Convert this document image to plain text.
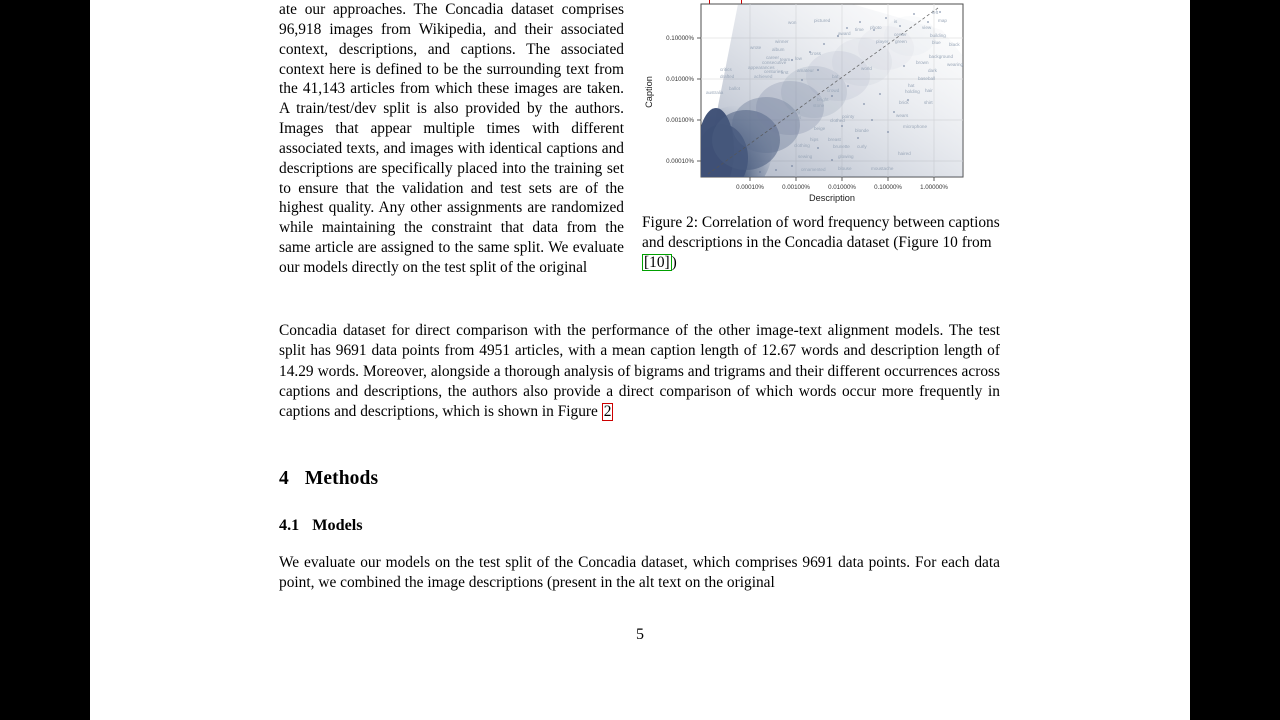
ate our approaches. The Concadia dataset comprises 96,918 images from Wikipedia, and their associated context, descriptions, and captions. The associated context here is defined to be the surrounding text from the 41,143 articles from which these images are taken. A train/test/dev split is also provided by the authors. Images that appear multiple times with different associated texts, and images with identical captions and descriptions are specifically placed into the training set to ensure that the validation and test sets are of the highest quality. Any other assignments are randomized while maintaining the constraint that data from the same article are assigned to the same split. We evaluate our models directly on the test split of the original

left
map
view
building
blue black
background
brown	wearing
dark
baseball
hat
hair
holding
brick	shirt
wears
microphone
haired
moustache
blouse
ornamented
glowing
sewing
curly
brunette
clothing
breast
hips
blonde
beige
clothed
inches	pointy
bearing
stone
bright
crowd
bat
world
cross
album
wrote
winner
won	pictured
award
time photo
is
center
player green
career
consecutive
appearances
centuries
achieved
critics
drafted
ballot
australia
team low
amateur
first
0.10000%
0.01000%
0.00100%
0.00010%
Caption
0.00010%	0.00100%	0.01000%	0.10000%	1.00000%
Description
Figure 2: Correlation of word frequency between captions and descriptions in the Concadia dataset (Figure 10 from [10] )

Concadia dataset for direct comparison with the performance of the other image-text alignment models. The test split has 9691 data points from 4951 articles, with a mean caption length of 12.67 words and description length of 14.29 words. Moreover, alongside a thorough analysis of bigrams and trigrams and their different occurrences across captions and descriptions, the authors also provide a direct comparison of which words occur more frequently in captions and descriptions, which is shown in Figure 2

4 Methods
4.1 Models

We evaluate our models on the test split of the Concadia dataset, which comprises 9691 data points. For each data point, we combined the image descriptions (present in the alt text on the original

5
